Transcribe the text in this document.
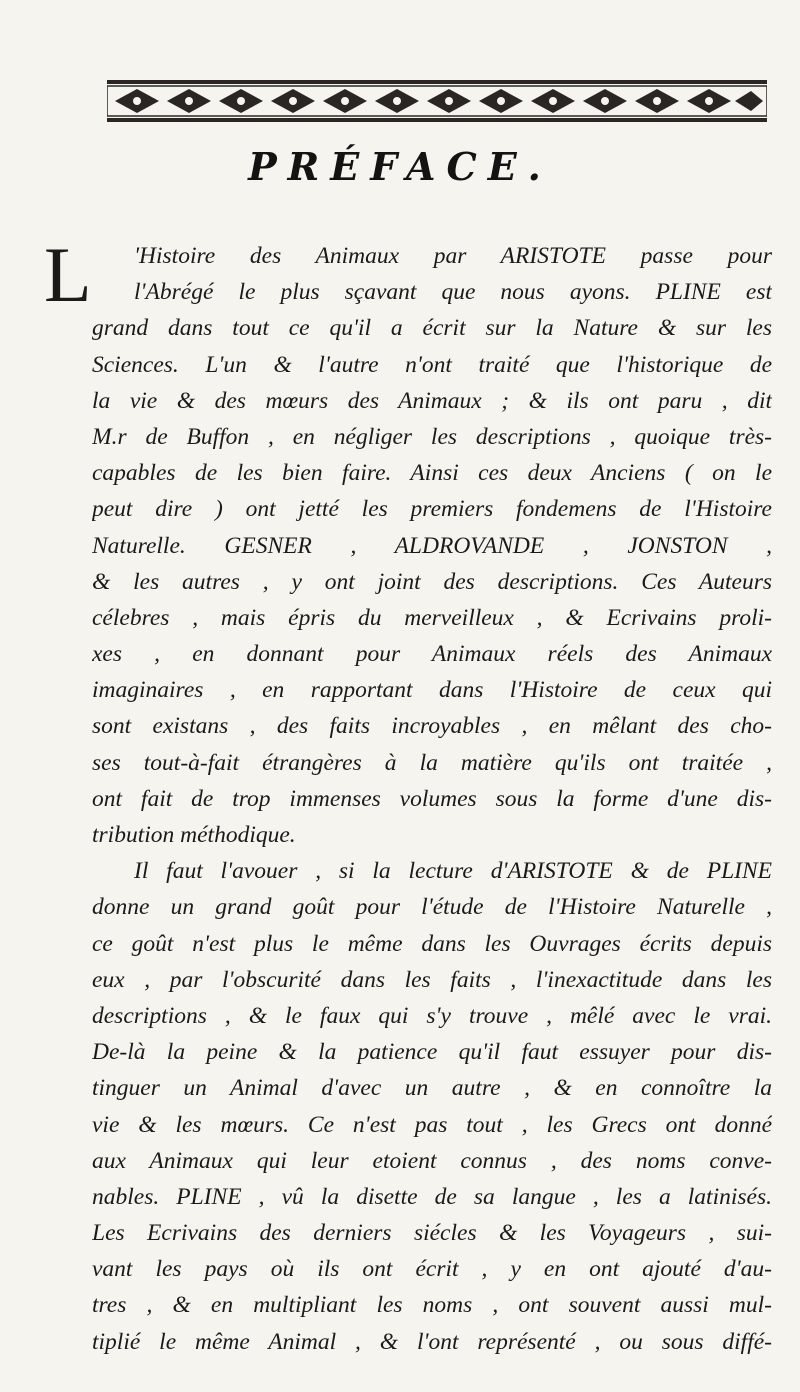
PRÉFACE.
L	'Histoire des Animaux par ARISTOTE passe pour
l'Abrégé le plus sçavant que nous ayons. PLINE est
grand dans tout ce qu'il a écrit sur la Nature & sur les
Sciences. L'un & l'autre n'ont traité que l'historique de
la vie & des mœurs des Animaux ; & ils ont paru , dit
M.r de Buffon , en négliger les descriptions , quoique très-
capables de les bien faire. Ainsi ces deux Anciens ( on le
peut dire ) ont jetté les premiers fondemens de l'Histoire
Naturelle. GESNER , ALDROVANDE , JONSTON ,
& les autres , y ont joint des descriptions. Ces Auteurs
célebres , mais épris du merveilleux , & Ecrivains proli-
xes , en donnant pour Animaux réels des Animaux
imaginaires , en rapportant dans l'Histoire de ceux qui
sont existans , des faits incroyables , en mêlant des cho-
ses tout-à-fait étrangères à la matière qu'ils ont traitée ,
ont fait de trop immenses volumes sous la forme d'une dis-
tribution méthodique.
Il faut l'avouer , si la lecture d'ARISTOTE & de PLINE
donne un grand goût pour l'étude de l'Histoire Naturelle ,
ce goût n'est plus le même dans les Ouvrages écrits depuis
eux , par l'obscurité dans les faits , l'inexactitude dans les
descriptions , & le faux qui s'y trouve , mêlé avec le vrai.
De-là la peine & la patience qu'il faut essuyer pour dis-
tinguer un Animal d'avec un autre , & en connoître la
vie & les mœurs. Ce n'est pas tout , les Grecs ont donné
aux Animaux qui leur etoient connus , des noms conve-
nables. PLINE , vû la disette de sa langue , les a latinisés.
Les Ecrivains des derniers siécles & les Voyageurs , sui-
vant les pays où ils ont écrit , y en ont ajouté d'au-
tres , & en multipliant les noms , ont souvent aussi mul-
tiplié le même Animal , & l'ont représenté , ou sous diffé-
